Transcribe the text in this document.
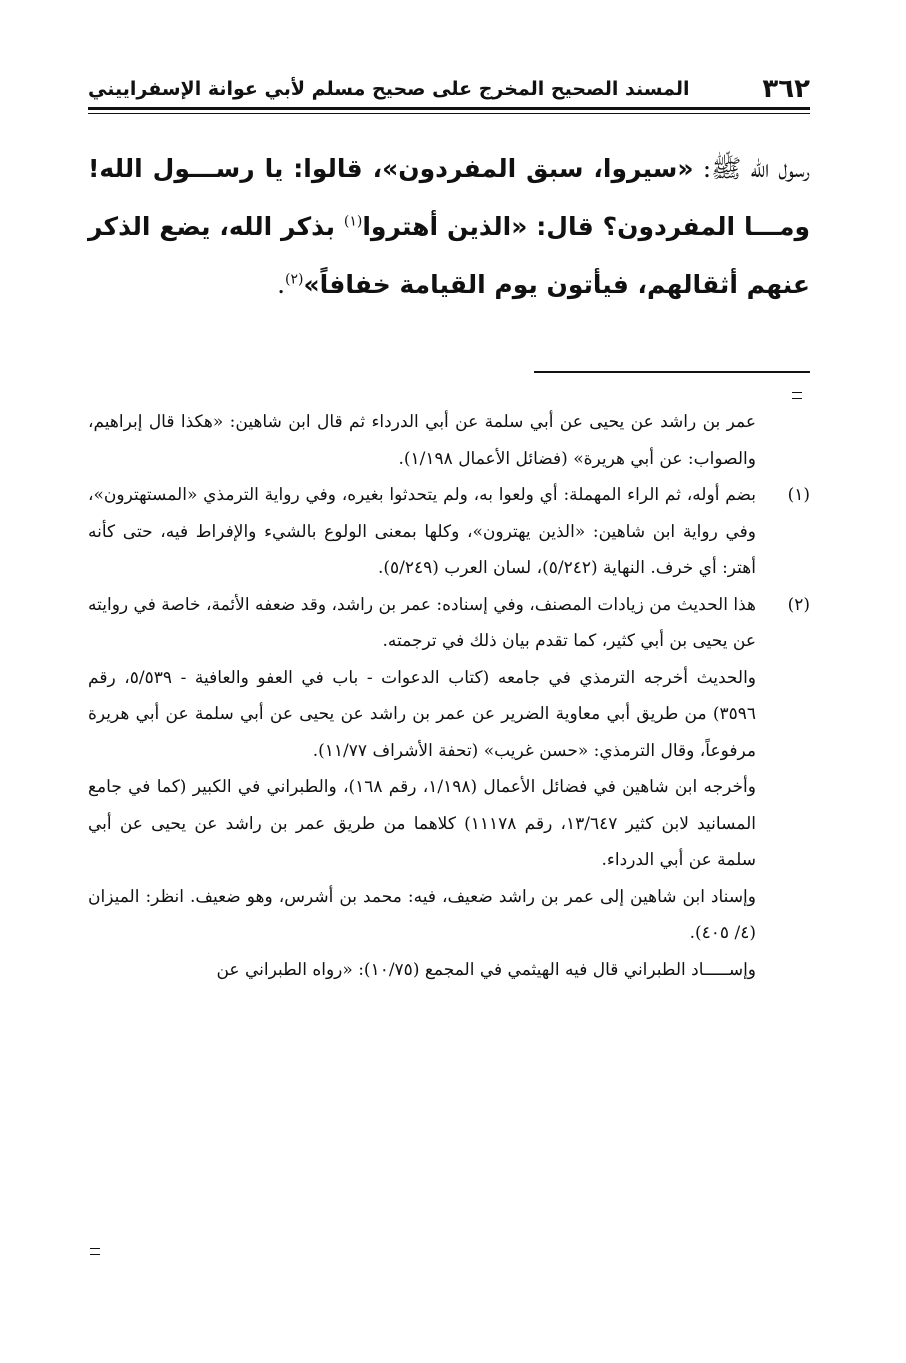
٣٦٢
المسند الصحيح المخرج على صحيح مسلم لأبي عوانة الإسفراييني

رسول الله ﷺ: «سيروا، سبق المفردون»، قالوا: يا رســـول الله! ومـــا المفردون؟ قال: «الذين أهتروا$^{(١)}$ بذكر الله، يضع الذكر عنهم أثقالهم، فيأتون يوم القيامة خفافاً»$^{(٢)}$.

عمر بن راشد عن يحيى عن أبي سلمة عن أبي الدرداء ثم قال ابن شاهين: «هكذا قال إبراهيم، والصواب: عن أبي هريرة» (فضائل الأعمال ١/١٩٨).

(١)
بضم أوله، ثم الراء المهملة: أي ولعوا به، ولم يتحدثوا بغيره، وفي رواية الترمذي «المستهترون»، وفي رواية ابن شاهين: «الذين يهترون»، وكلها بمعنى الولوع بالشيء والإفراط فيه، حتى كأنه أهتر: أي خرف. النهاية (٥/٢٤٢)، لسان العرب (٥/٢٤٩).
(٢)

هذا الحديث من زيادات المصنف، وفي إسناده: عمر بن راشد، وقد ضعفه الأئمة، خاصة في روايته عن يحيى بن أبي كثير، كما تقدم بيان ذلك في ترجمته.

والحديث أخرجه الترمذي في جامعه (كتاب الدعوات - باب في العفو والعافية - ٥/٥٣٩، رقم ٣٥٩٦) من طريق أبي معاوية الضرير عن عمر بن راشد عن يحيى عن أبي سلمة عن أبي هريرة مرفوعاً، وقال الترمذي: «حسن غريب» (تحفة الأشراف ١١/٧٧).

وأخرجه ابن شاهين في فضائل الأعمال (١/١٩٨، رقم ١٦٨)، والطبراني في الكبير (كما في جامع المسانيد لابن كثير ١٣/٦٤٧، رقم ١١١٧٨) كلاهما من طريق عمر بن راشد عن يحيى عن أبي سلمة عن أبي الدرداء.

وإسناد ابن شاهين إلى عمر بن راشد ضعيف، فيه: محمد بن أشرس، وهو ضعيف. انظر: الميزان (٤/ ٤٠٥).

وإســـــاد الطبراني قال فيه الهيثمي في المجمع (١٠/٧٥): «رواه الطبراني عن
